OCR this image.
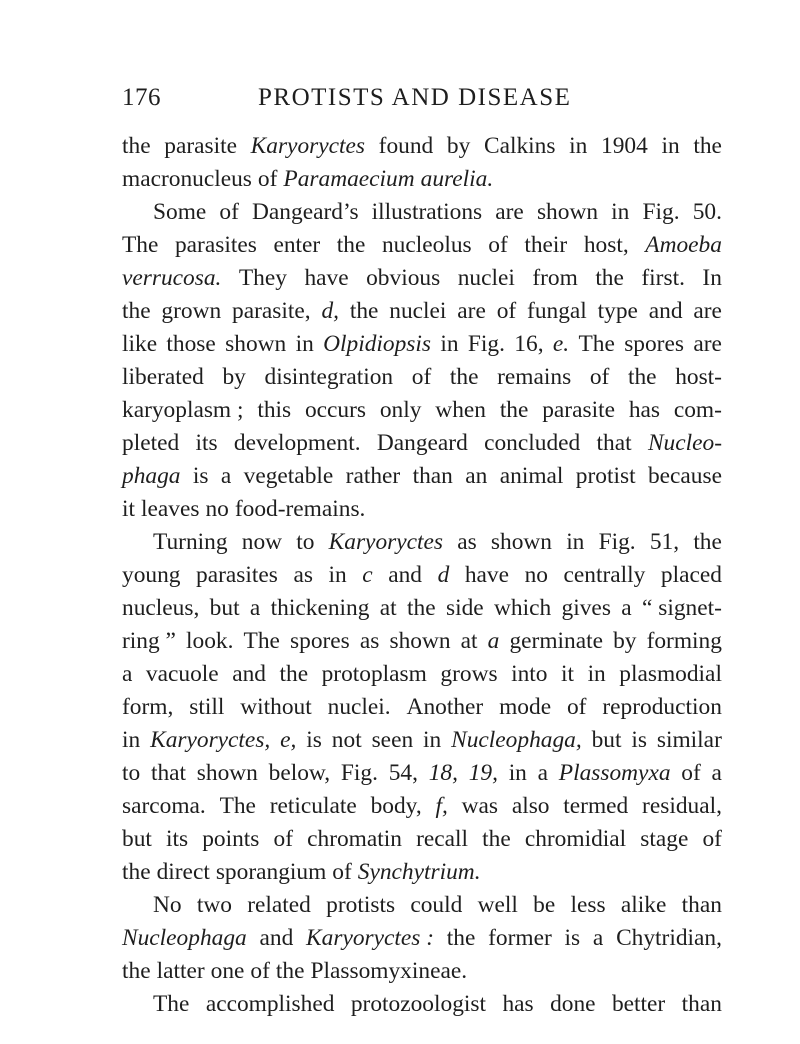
176	PROTISTS AND DISEASE
the parasite Karyoryctes found by Calkins in 1904 in the
macronucleus of Paramaecium aurelia.
Some of Dangeard’s illustrations are shown in Fig. 50.
The parasites enter the nucleolus of their host, Amoeba
verrucosa. They have obvious nuclei from the first. In
the grown parasite, d, the nuclei are of fungal type and are
like those shown in Olpidiopsis in Fig. 16, e. The spores are
liberated by disintegration of the remains of the host-
karyoplasm ; this occurs only when the parasite has com-
pleted its development. Dangeard concluded that Nucleo-
phaga is a vegetable rather than an animal protist because
it leaves no food-remains.
Turning now to Karyoryctes as shown in Fig. 51, the
young parasites as in c and d have no centrally placed
nucleus, but a thickening at the side which gives a “ signet-
ring ” look. The spores as shown at a germinate by forming
a vacuole and the protoplasm grows into it in plasmodial
form, still without nuclei. Another mode of reproduction
in Karyoryctes, e, is not seen in Nucleophaga, but is similar
to that shown below, Fig. 54, 18, 19, in a Plassomyxa of a
sarcoma. The reticulate body, f, was also termed residual,
but its points of chromatin recall the chromidial stage of
the direct sporangium of Synchytrium.
No two related protists could well be less alike than
Nucleophaga and Karyoryctes : the former is a Chytridian,
the latter one of the Plassomyxineae.
The accomplished protozoologist has done better than
